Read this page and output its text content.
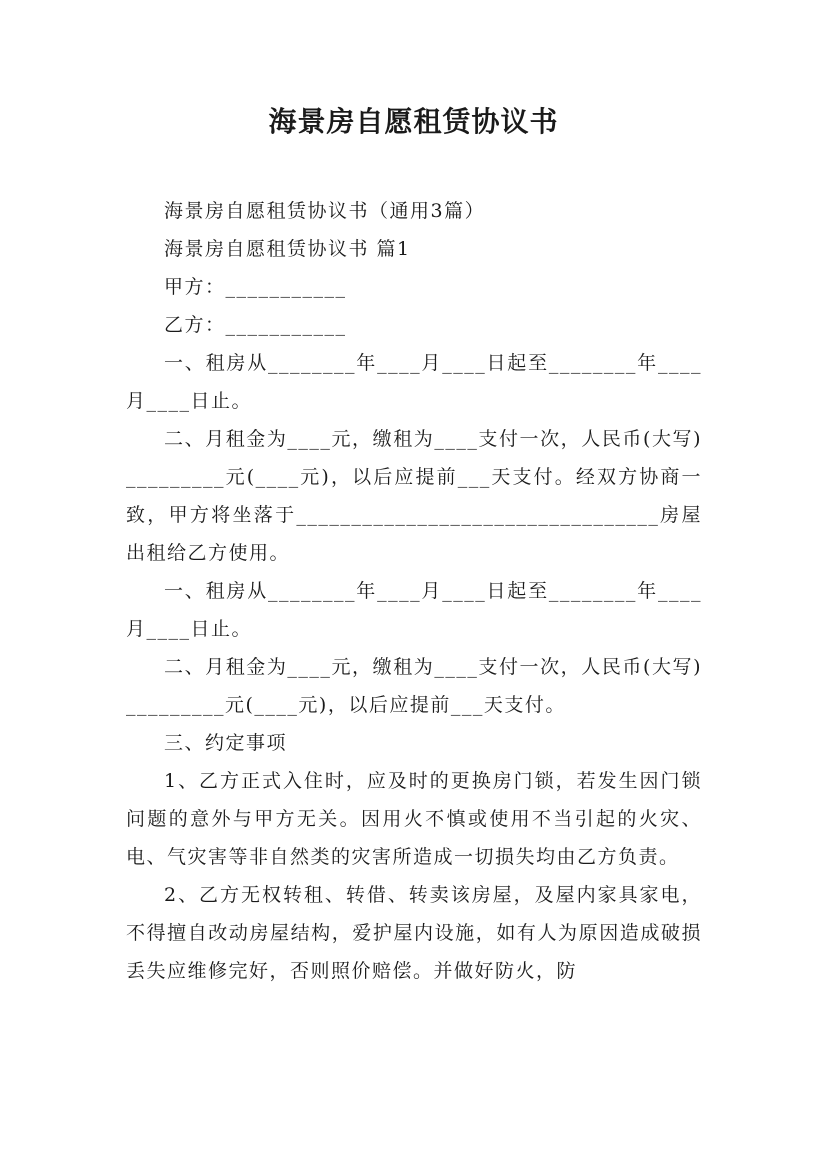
海景房自愿租赁协议书

海景房自愿租赁协议书（通用3篇）

海景房自愿租赁协议书 篇1

甲方：___________

乙方：___________

一、租房从________年____月____日起至________年____月____日止。

二、月租金为____元，缴租为____支付一次，人民币(大写)_________元(____元)，以后应提前___天支付。经双方协商一致，甲方将坐落于_________________________________房屋出租给乙方使用。

一、租房从________年____月____日起至________年____月____日止。

二、月租金为____元，缴租为____支付一次，人民币(大写)_________元(____元)，以后应提前___天支付。

三、约定事项

1、乙方正式入住时，应及时的更换房门锁，若发生因门锁问题的意外与甲方无关。因用火不慎或使用不当引起的火灾、电、气灾害等非自然类的灾害所造成一切损失均由乙方负责。

2、乙方无权转租、转借、转卖该房屋，及屋内家具家电，不得擅自改动房屋结构，爱护屋内设施，如有人为原因造成破损丢失应维修完好，否则照价赔偿。并做好防火，防
